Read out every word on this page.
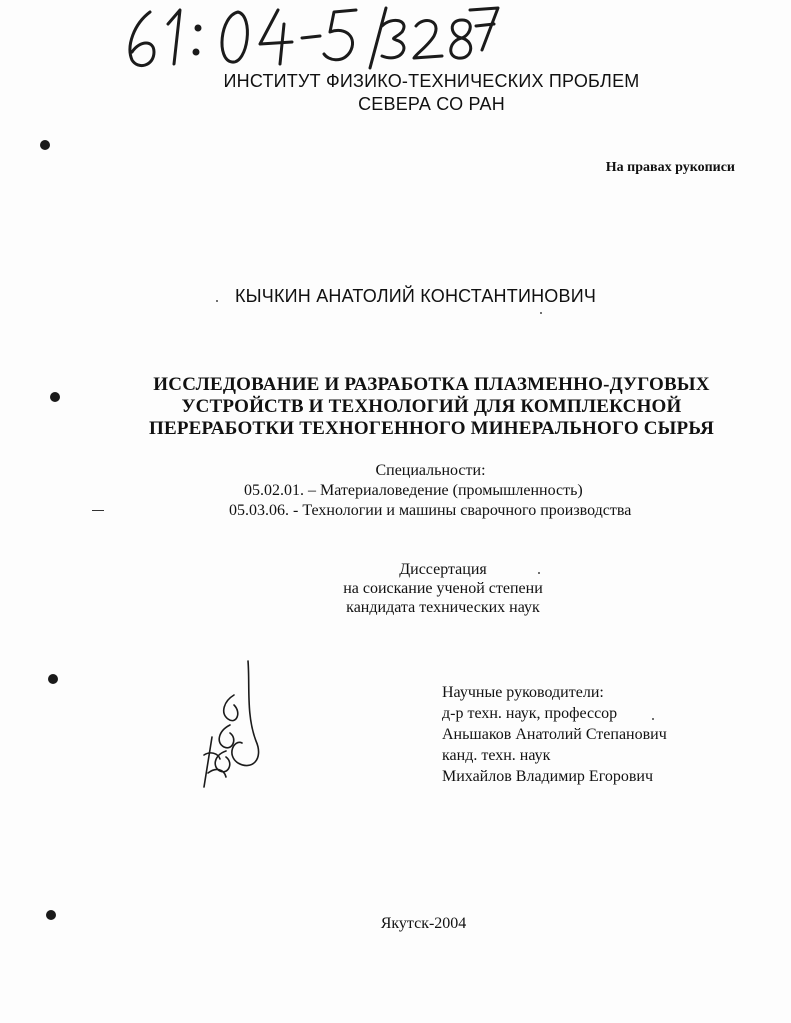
ИНСТИТУТ ФИЗИКО-ТЕХНИЧЕСКИХ ПРОБЛЕМ
СЕВЕРА СО РАН
На правах рукописи
КЫЧКИН АНАТОЛИЙ КОНСТАНТИНОВИЧ
ИССЛЕДОВАНИЕ И РАЗРАБОТКА ПЛАЗМЕННО-ДУГОВЫХ
УСТРОЙСТВ И ТЕХНОЛОГИЙ ДЛЯ КОМПЛЕКСНОЙ
ПЕРЕРАБОТКИ ТЕХНОГЕННОГО МИНЕРАЛЬНОГО СЫРЬЯ
Специальности:
05.02.01. – Материаловедение (промышленность)
05.03.06. - Технологии и машины сварочного производства
Диссертация
на соискание ученой степени
кандидата технических наук
Научные руководители:
д-р техн. наук, профессор
Аньшаков Анатолий Степанович
канд. техн. наук
Михайлов Владимир Егорович
Якутск-2004
